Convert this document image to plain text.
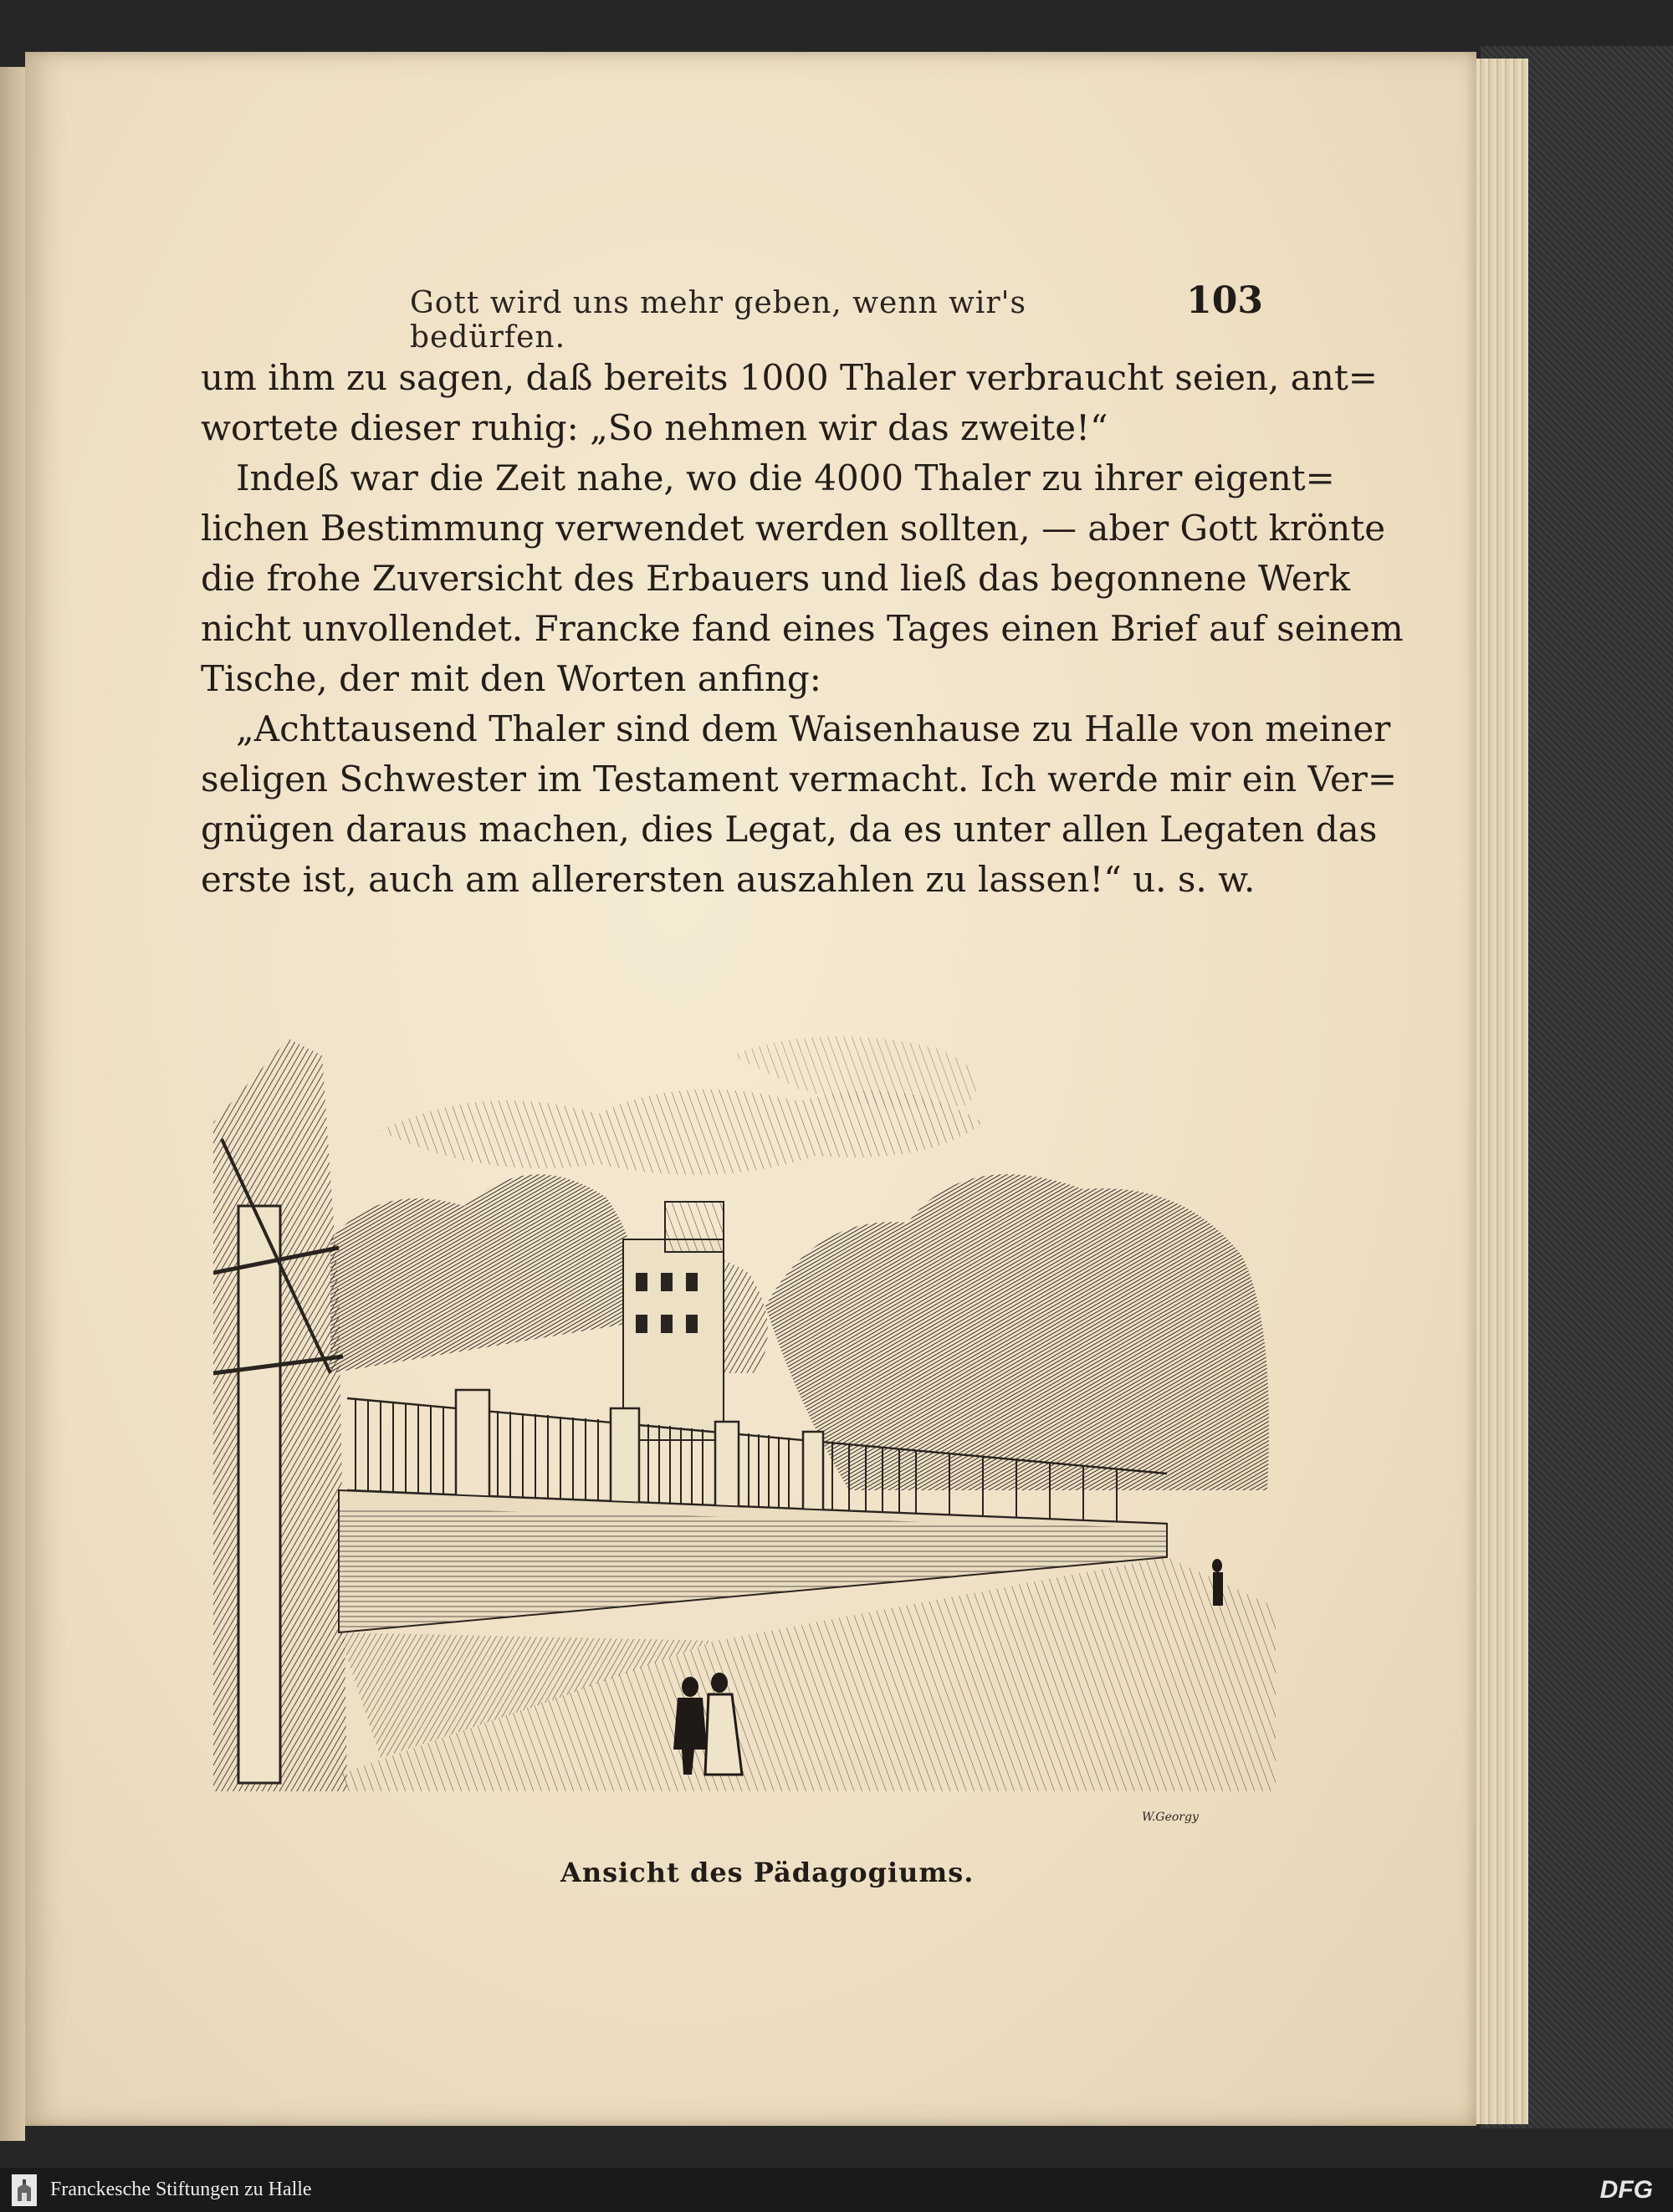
Gott wird uns mehr geben, wenn wir's bedürfen.
103
um ihm zu sagen, daß bereits 1000 Thaler verbraucht seien, ant=
wortete dieser ruhig: „So nehmen wir das zweite!“
Indeß war die Zeit nahe, wo die 4000 Thaler zu ihrer eigent=
lichen Bestimmung verwendet werden sollten, — aber Gott krönte
die frohe Zuversicht des Erbauers und ließ das begonnene Werk
nicht unvollendet. Francke fand eines Tages einen Brief auf seinem
Tische, der mit den Worten anfing:
„Achttausend Thaler sind dem Waisenhause zu Halle von meiner
seligen Schwester im Testament vermacht. Ich werde mir ein Ver=
gnügen daraus machen, dies Legat, da es unter allen Legaten das
erste ist, auch am allerersten auszahlen zu lassen!“ u. s. w.
W.Georgy
Ansicht des Pädagogiums.
Franckesche Stiftungen zu Halle	DFG
